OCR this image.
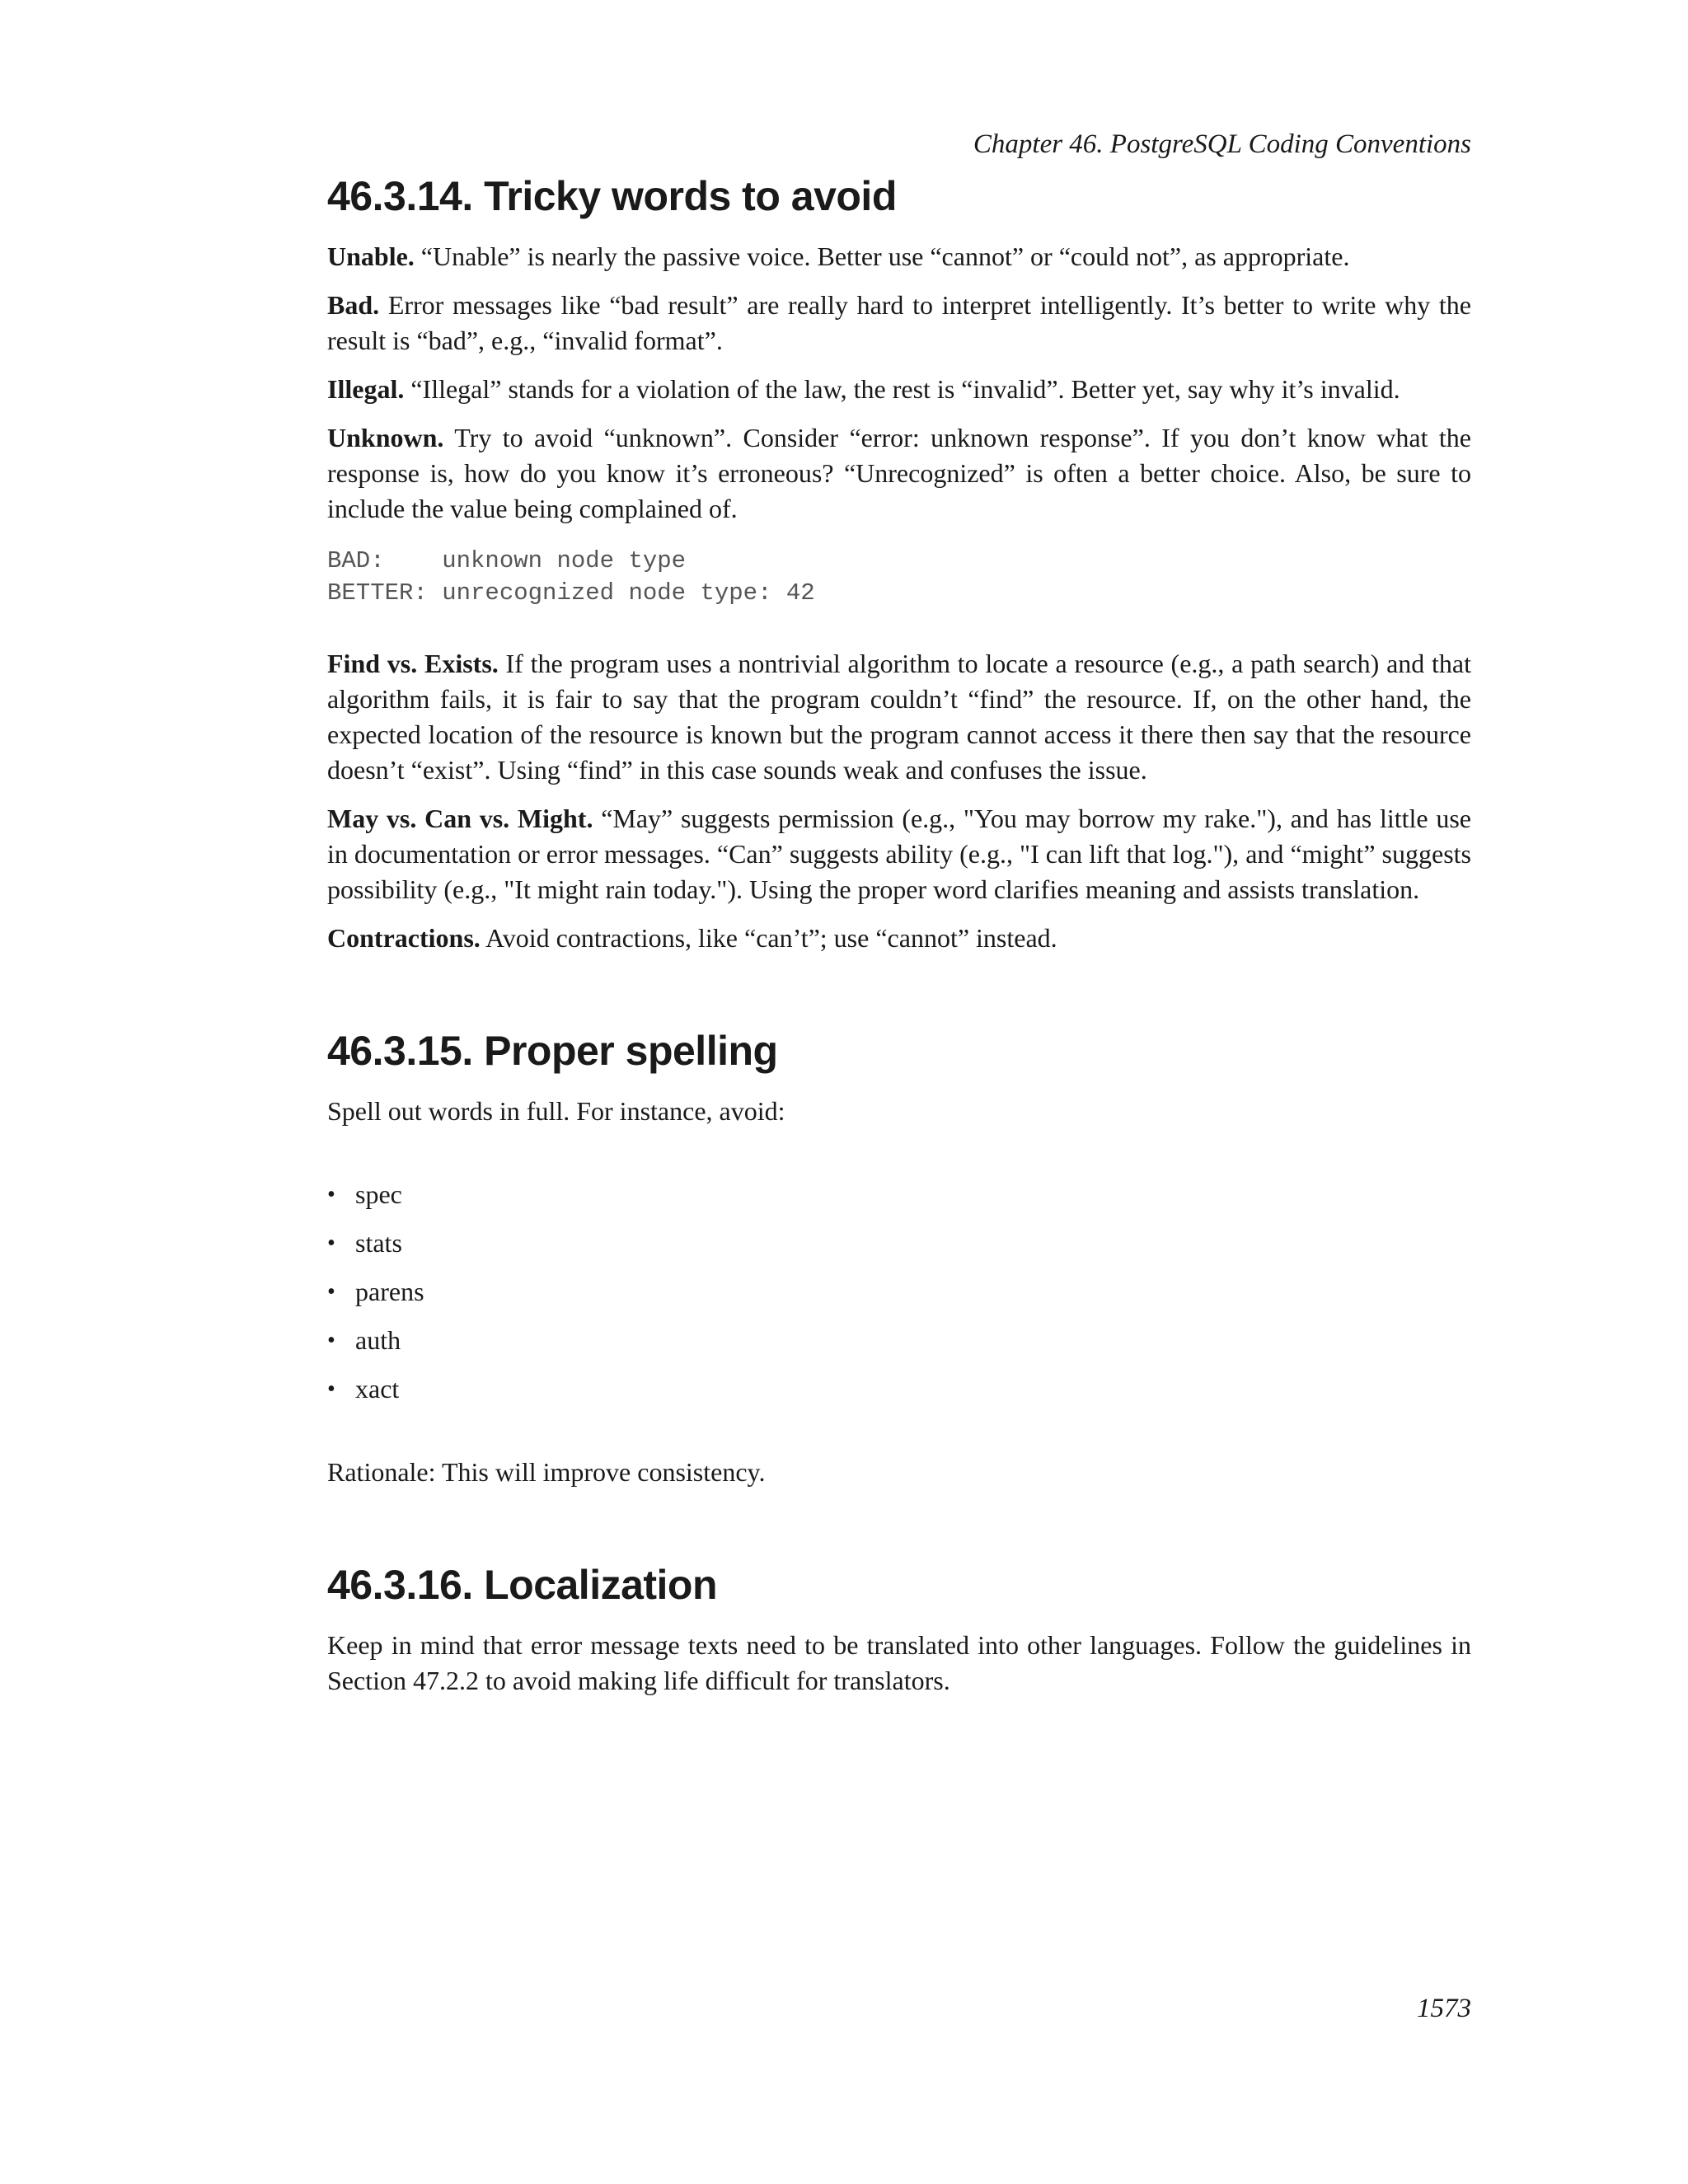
Chapter 46. PostgreSQL Coding Conventions
46.3.14. Tricky words to avoid

Unable. “Unable” is nearly the passive voice. Better use “cannot” or “could not”, as appropriate.

Bad. Error messages like “bad result” are really hard to interpret intelligently. It’s better to write why the result is “bad”, e.g., “invalid format”.

Illegal. “Illegal” stands for a violation of the law, the rest is “invalid”. Better yet, say why it’s invalid.

Unknown. Try to avoid “unknown”. Consider “error: unknown response”. If you don’t know what the response is, how do you know it’s erroneous? “Unrecognized” is often a better choice. Also, be sure to include the value being complained of.

BAD:    unknown node type
BETTER: unrecognized node type: 42

Find vs. Exists. If the program uses a nontrivial algorithm to locate a resource (e.g., a path search) and that algorithm fails, it is fair to say that the program couldn’t “find” the resource. If, on the other hand, the expected location of the resource is known but the program cannot access it there then say that the resource doesn’t “exist”. Using “find” in this case sounds weak and confuses the issue.

May vs. Can vs. Might. “May” suggests permission (e.g., "You may borrow my rake."), and has little use in documentation or error messages. “Can” suggests ability (e.g., "I can lift that log."), and “might” suggests possibility (e.g., "It might rain today."). Using the proper word clarifies meaning and assists translation.

Contractions. Avoid contractions, like “can’t”; use “cannot” instead.

46.3.15. Proper spelling

Spell out words in full. For instance, avoid:

• spec
• stats
• parens
• auth
• xact

Rationale: This will improve consistency.

46.3.16. Localization

Keep in mind that error message texts need to be translated into other languages. Follow the guidelines in Section 47.2.2 to avoid making life difficult for translators.

1573
